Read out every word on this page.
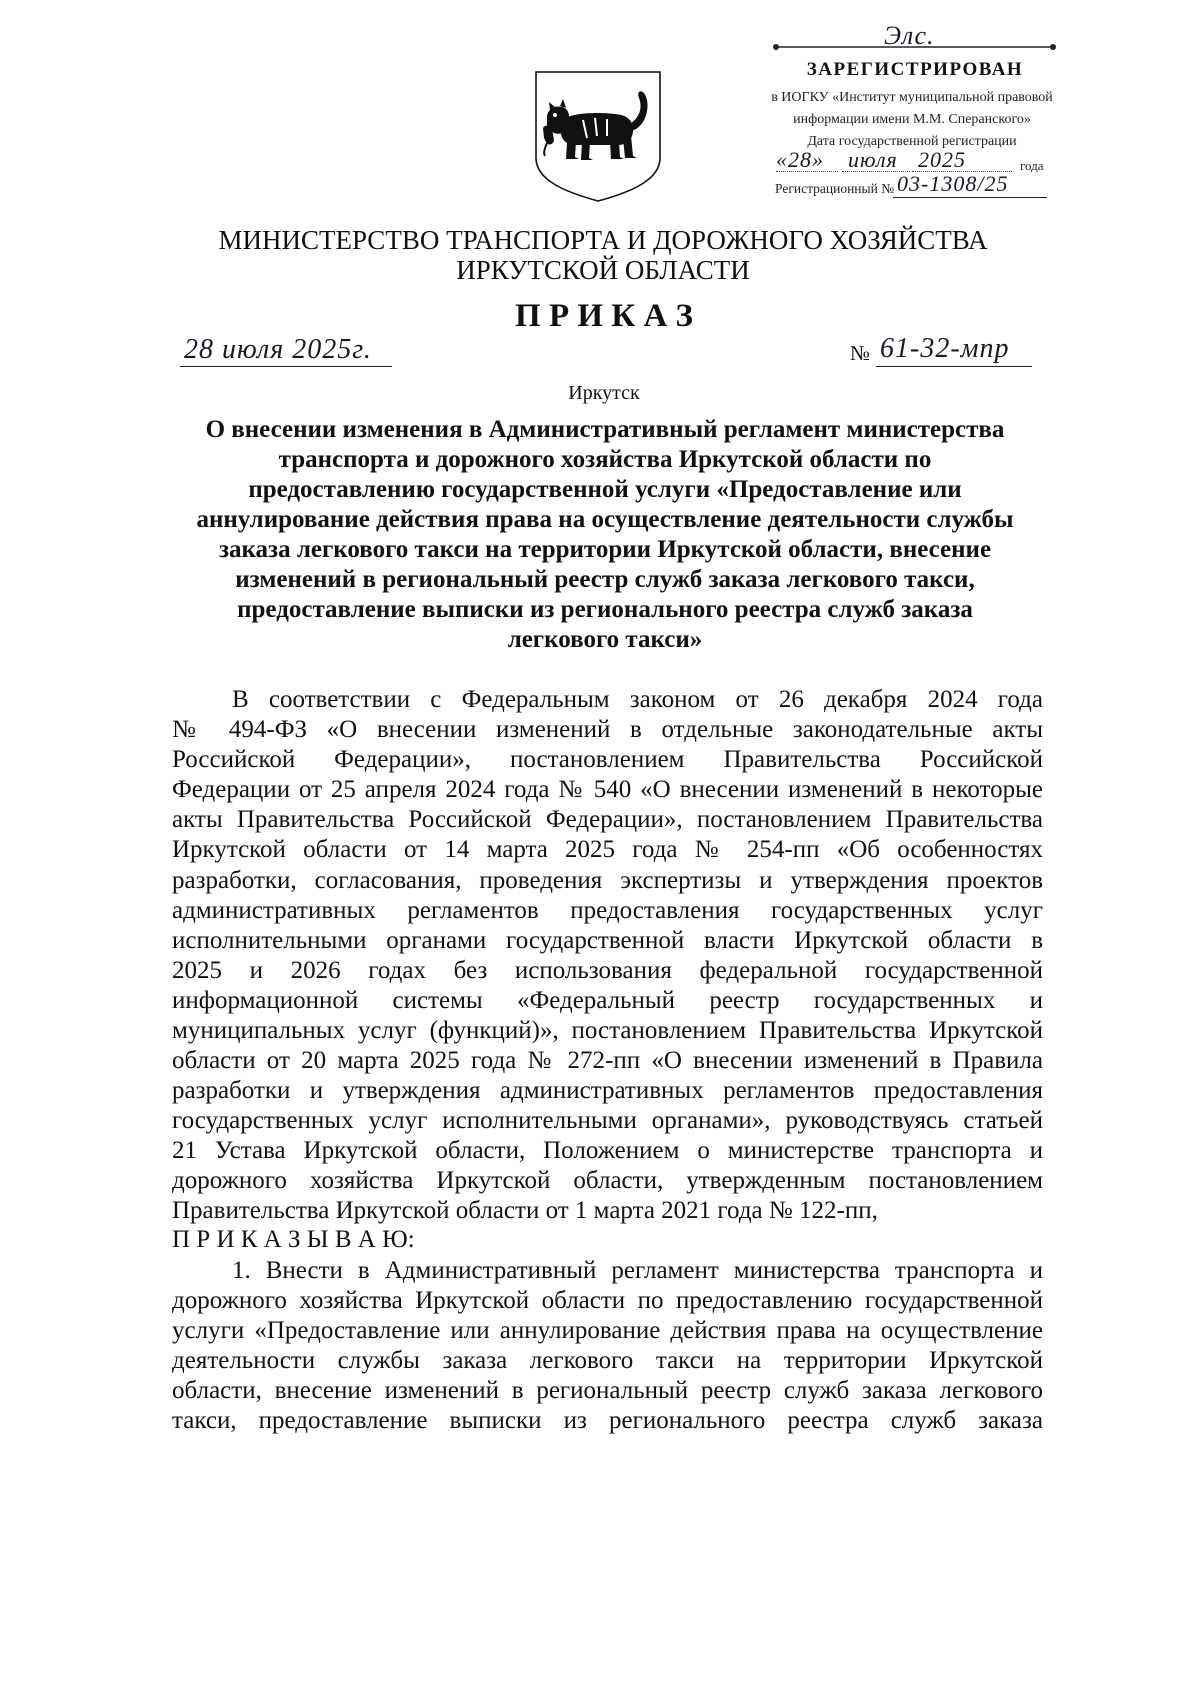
Элс.
ЗАРЕГИСТРИРОВАН
в ИОГКУ «Институт муниципальной правовой
информации имени М.М. Сперанского»
Дата государственной регистрации
«28» июля 2025	года
Регистрационный № 03-1308/25
МИНИСТЕРСТВО ТРАНСПОРТА И ДОРОЖНОГО ХОЗЯЙСТВА
ИРКУТСКОЙ ОБЛАСТИ
П Р И К А З
28 июля 2025г.	№ 61-32-мпр
Иркутск
О внесении изменения в Административный регламент министерства
транспорта и дорожного хозяйства Иркутской области по
предоставлению государственной услуги «Предоставление или
аннулирование действия права на осуществление деятельности службы
заказа легкового такси на территории Иркутской области, внесение
изменений в региональный реестр служб заказа легкового такси,
предоставление выписки из регионального реестра служб заказа
легкового такси»
В соответствии с Федеральным законом от 26 декабря 2024 года
№ 494-ФЗ «О внесении изменений в отдельные законодательные акты
Российской Федерации», постановлением Правительства Российской
Федерации от 25 апреля 2024 года № 540 «О внесении изменений в некоторые
акты Правительства Российской Федерации», постановлением Правительства
Иркутской области от 14 марта 2025 года № 254-пп «Об особенностях
разработки, согласования, проведения экспертизы и утверждения проектов
административных регламентов предоставления государственных услуг
исполнительными органами государственной власти Иркутской области в
2025 и 2026 годах без использования федеральной государственной
информационной системы «Федеральный реестр государственных и
муниципальных услуг (функций)», постановлением Правительства Иркутской
области от 20 марта 2025 года № 272-пп «О внесении изменений в Правила
разработки и утверждения административных регламентов предоставления
государственных услуг исполнительными органами», руководствуясь статьей
21 Устава Иркутской области, Положением о министерстве транспорта и
дорожного хозяйства Иркутской области, утвержденным постановлением
Правительства Иркутской области от 1 марта 2021 года № 122-пп,
П Р И К А З Ы В А Ю:
1. Внести в Административный регламент министерства транспорта и
дорожного хозяйства Иркутской области по предоставлению государственной
услуги «Предоставление или аннулирование действия права на осуществление
деятельности службы заказа легкового такси на территории Иркутской
области, внесение изменений в региональный реестр служб заказа легкового
такси, предоставление выписки из регионального реестра служб заказа
